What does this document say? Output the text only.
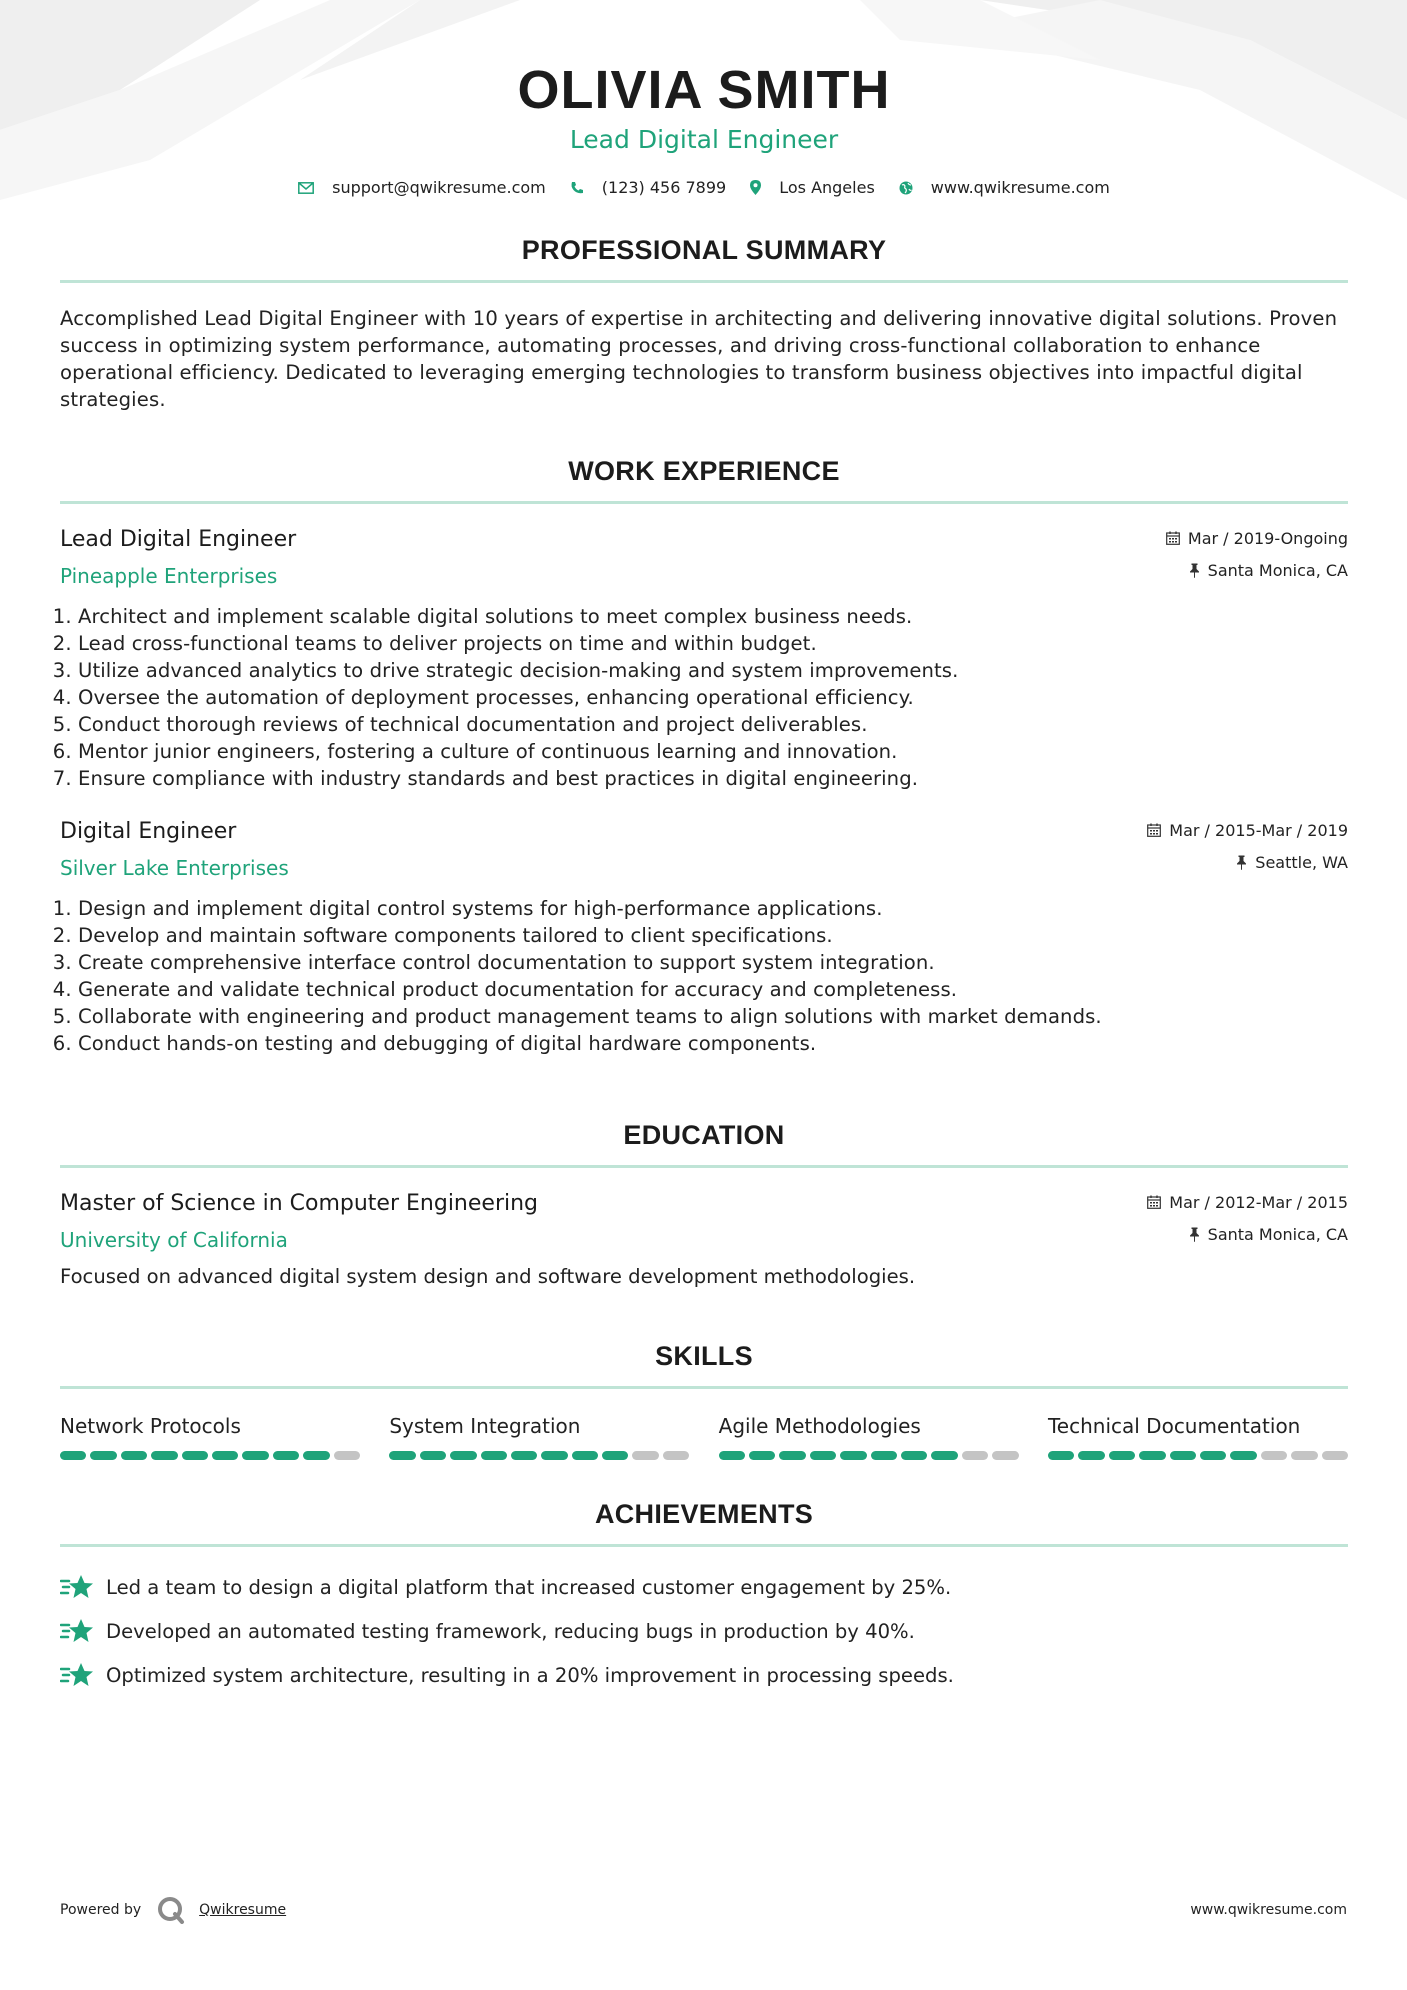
OLIVIA SMITH
Lead Digital Engineer
support@qwikresume.com	(123) 456 7899	Los Angeles	www.qwikresume.com
PROFESSIONAL SUMMARY
Accomplished Lead Digital Engineer with 10 years of expertise in architecting and delivering innovative digital solutions. Proven success in optimizing system performance, automating processes, and driving cross-functional collaboration to enhance operational efficiency. Dedicated to leveraging emerging technologies to transform business objectives into impactful digital strategies.
WORK EXPERIENCE
Lead Digital Engineer
Pineapple Enterprises
Mar / 2019-Ongoing
Santa Monica, CA
1. Architect and implement scalable digital solutions to meet complex business needs.
2. Lead cross-functional teams to deliver projects on time and within budget.
3. Utilize advanced analytics to drive strategic decision-making and system improvements.
4. Oversee the automation of deployment processes, enhancing operational efficiency.
5. Conduct thorough reviews of technical documentation and project deliverables.
6. Mentor junior engineers, fostering a culture of continuous learning and innovation.
7. Ensure compliance with industry standards and best practices in digital engineering.
Digital Engineer
Silver Lake Enterprises
Mar / 2015-Mar / 2019
Seattle, WA
1. Design and implement digital control systems for high-performance applications.
2. Develop and maintain software components tailored to client specifications.
3. Create comprehensive interface control documentation to support system integration.
4. Generate and validate technical product documentation for accuracy and completeness.
5. Collaborate with engineering and product management teams to align solutions with market demands.
6. Conduct hands-on testing and debugging of digital hardware components.
EDUCATION
Master of Science in Computer Engineering
University of California
Mar / 2012-Mar / 2015
Santa Monica, CA
Focused on advanced digital system design and software development methodologies.
SKILLS
Network Protocols	System Integration	Agile Methodologies	Technical Documentation
ACHIEVEMENTS
Led a team to design a digital platform that increased customer engagement by 25%.
Developed an automated testing framework, reducing bugs in production by 40%.
Optimized system architecture, resulting in a 20% improvement in processing speeds.
Powered by	Qwikresume	www.qwikresume.com
